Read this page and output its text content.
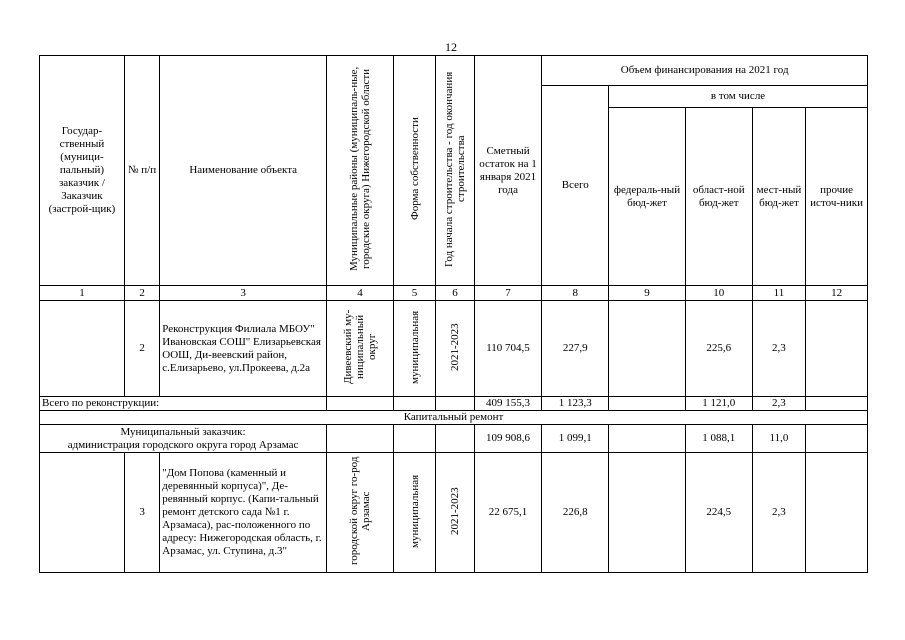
12
Государ-ственный (муници-пальный) заказчик / Заказчик (застрой-щик)	№ п/п	Наименование объекта	Муниципальные районы (муниципаль-ные, городские округа) Нижегородской области	Форма собственности	Год начала строительства - год окончания строительства	Сметный остаток на 1 января 2021 года	Объем финансирования на 2021 год				
							Всего	в том числе			
								федераль-ный бюд-жет	област-ной бюд-жет	мест-ный бюд-жет	прочие источ-ники
1	2	3	4	5	6	7	8	9	10	11	12
	2	Реконструкция Филиала МБОУ" Ивановская СОШ" Елизарьевская ООШ, Ди-веевский район, с.Елизарьево, ул.Прокеева, д.2а	Дивеевский му-ниципальный округ	муниципальная	2021-2023	110 704,5	227,9		225,6	2,3	
Всего по реконструкции:						409 155,3	1 123,3		1 121,0	2,3	
Капитальный ремонт											

Муниципальный заказчик:
администрация городского округа город Арзамас						109 908,6	1 099,1		1 088,1	11,0	
	3	"Дом Попова (каменный и деревянный корпуса)", Де-ревянный корпус. (Капи-тальный ремонт детского сада №1 г. Арзамаса), рас-положенного по адресу: Нижегородская область, г. Арзамас, ул. Ступина, д.3"	городской округ го-род Арзамас	муниципальная	2021-2023	22 675,1	226,8		224,5	2,3	
